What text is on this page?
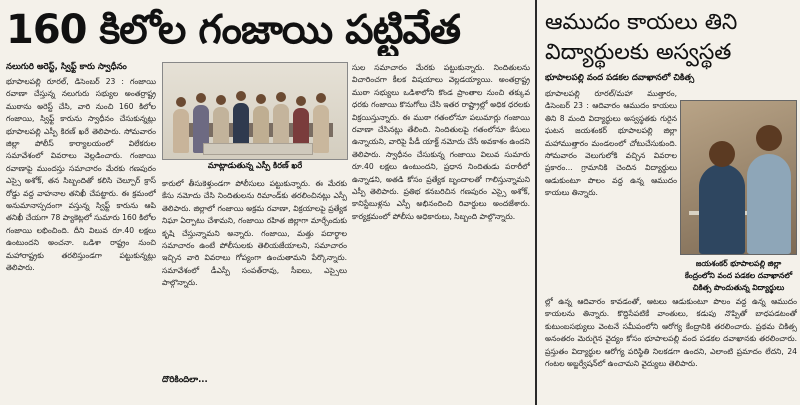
160 కిలోల గంజాయి పట్టివేత
నలుగురి అరెస్ట్‌, స్విఫ్ట్ కారు స్వాధీనం
భూపాలపల్లి రూరల్‌, డిసెంబర్‌ 23 : గంజాయి రవాణా చేస్తున్న నలుగురు సభ్యుల అంతర్రాష్ట్ర ముఠాను అరెస్ట్ చేసి, వారి నుంచి 160 కిలోల గంజాయి, స్విఫ్ట్ కారును స్వాధీనం చేసుకున్నట్లు భూపాలపల్లి ఎస్పీ కిరణ్‌ ఖరే తెలిపారు. సోమవారం జిల్లా పోలీస్ కార్యాలయంలో విలేకరుల సమావేశంలో వివరాలు వెల్లడించారు. గంజాయి రవాణాపై ముందస్తు సమాచారం మేరకు గణపురం ఎస్సై అశోక్‌, తన సిబ్బందితో కలిసి చెల్పూర్‌ క్రాస్ రోడ్డు వద్ద వాహనాల తనిఖీ చేపట్టారు. ఈ క్రమంలో అనుమానాస్పదంగా వస్తున్న స్విఫ్ట్ కారును ఆపి తనిఖీ చేయగా 78 ప్యాకెట్లలో సుమారు 160 కిలోల గంజాయి లభించింది. దీని విలువ రూ.40 లక్షలు ఉంటుందని అంచనా. ఒడిశా రాష్ట్రం నుంచి మహారాష్ట్రకు తరలిస్తుండగా పట్టుకున్నట్లు తెలిపారు.
మాట్లాడుతున్న ఎస్పీ కిరణ్ ఖరే
కారులో తీసుకెళ్తుండగా పోలీసులు పట్టుకున్నారు. ఈ మేరకు కేసు నమోదు చేసి నిందితులను రిమాండ్‌కు తరలించినట్లు ఎస్పీ తెలిపారు. జిల్లాలో గంజాయి అక్రమ రవాణా, విక్రయాలపై ప్రత్యేక నిఘా ఏర్పాటు చేశామని, గంజాయి రహిత జిల్లాగా మార్చేందుకు కృషి చేస్తున్నామని అన్నారు. గంజాయి, మత్తు పదార్థాల సమాచారం ఉంటే పోలీసులకు తెలియజేయాలని, సమాచారం ఇచ్చిన వారి వివరాలు గోప్యంగా ఉంచుతామని పేర్కొన్నారు. సమావేశంలో డీఎస్పీ సంపత్‌రావు, సీఐలు, ఎస్సైలు పాల్గొన్నారు.
దొరికిందిలా...
సుల సమాచారం మేరకు పట్టుకున్నారు. నిందితులను విచారించగా కీలక విషయాలు వెల్లడయ్యాయి. అంతర్రాష్ట్ర ముఠా సభ్యులు ఒడిశాలోని కొండ ప్రాంతాల నుంచి తక్కువ ధరకు గంజాయి కొనుగోలు చేసి ఇతర రాష్ట్రాల్లో అధిక ధరలకు విక్రయిస్తున్నారు. ఈ ముఠా గతంలోనూ పలుమార్లు గంజాయి రవాణా చేసినట్లు తేలింది. నిందితులపై గతంలోనూ కేసులు ఉన్నాయని, వారిపై పీడీ యాక్ట్ నమోదు చేసే అవకాశం ఉందని తెలిపారు. స్వాధీనం చేసుకున్న గంజాయి విలువ సుమారు రూ.40 లక్షలు ఉంటుందని, ప్రధాన నిందితుడు పరారీలో ఉన్నాడని, అతడి కోసం ప్రత్యేక బృందాలతో గాలిస్తున్నామని ఎస్పీ తెలిపారు. ప్రతిభ కనబరిచిన గణపురం ఎస్సై అశోక్‌, కానిస్టేబుళ్లను ఎస్పీ అభినందించి రివార్డులు అందజేశారు. కార్యక్రమంలో పోలీసు అధికారులు, సిబ్బంది పాల్గొన్నారు.
ఆముదం కాయలు తిని విద్యార్థులకు అస్వస్థత
భూపాలపల్లి వంద పడకల దవాఖానలో చికిత్స
భూపాలపల్లి రూరల్‌/మహా ముత్తారం, డిసెంబర్‌ 23 : ఆదివారం ఆముదం కాయలు తిని 8 మంది విద్యార్థులు అస్వస్థతకు గురైన ఘటన జయశంకర్‌ భూపాలపల్లి జిల్లా మహాముత్తారం మండలంలో చోటుచేసుకుంది. సోమవారం వెలుగులోకి వచ్చిన వివరాల ప్రకారం... గ్రామానికి చెందిన విద్యార్థులు ఆడుకుంటూ పొలం వద్ద ఉన్న ఆముదం కాయలు తిన్నారు.
జయశంకర్ భూపాలపల్లి జిల్లా కేంద్రంలోని వంద పడకల దవాఖానలో చికిత్స పొందుతున్న విద్యార్థులు
ల్లో ఉన్న ఆదివారం కావడంతో, ఆటలు ఆడుకుంటూ పొలం వద్ద ఉన్న ఆముదం కాయలను తిన్నారు. కొద్దిసేపటికే వాంతులు, కడుపు నొప్పితో బాధపడటంతో కుటుంబసభ్యులు వెంటనే సమీపంలోని ఆరోగ్య కేంద్రానికి తరలించారు. ప్రథమ చికిత్స అనంతరం మెరుగైన వైద్యం కోసం భూపాలపల్లి వంద పడకల దవాఖానకు తరలించారు. ప్రస్తుతం విద్యార్థుల ఆరోగ్య పరిస్థితి నిలకడగా ఉందని, ఎలాంటి ప్రమాదం లేదని, 24 గంటల అబ్జర్వేషన్‌లో ఉంచామని వైద్యులు తెలిపారు.
